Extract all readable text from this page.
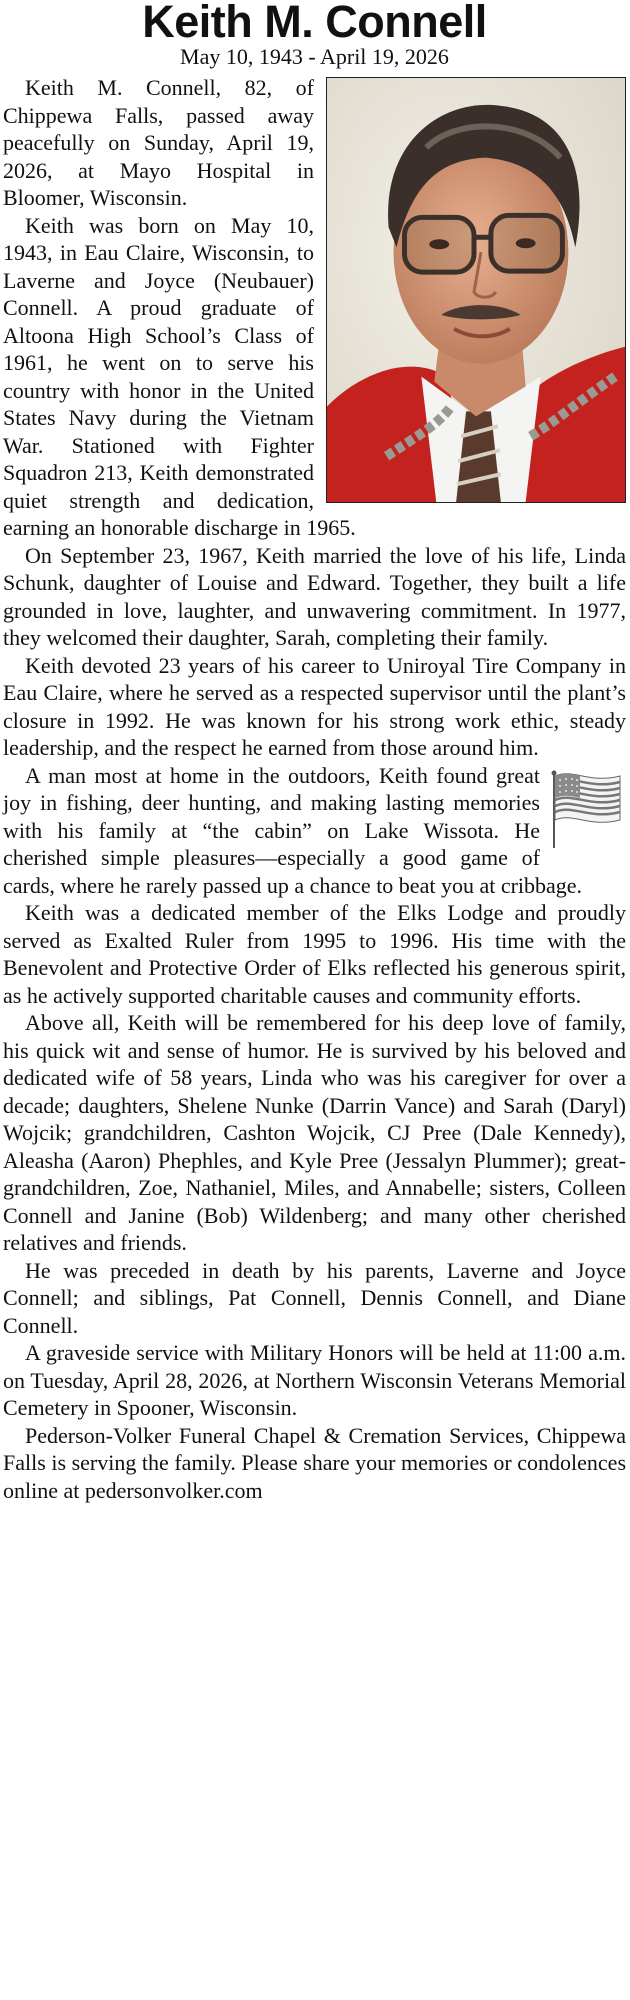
Keith M. Connell
May 10, 1943 - April 19, 2026

Keith M. Connell, 82, of Chippewa Falls, passed away peacefully on Sunday, April 19, 2026, at Mayo Hospital in Bloomer, Wisconsin.

Keith was born on May 10, 1943, in Eau Claire, Wisconsin, to Laverne and Joyce (Neubauer) Connell. A proud graduate of Altoona High School’s Class of 1961, he went on to serve his country with honor in the United States Navy during the Vietnam War. Stationed with Fighter Squadron 213, Keith demonstrated quiet strength and dedication, earning an honorable discharge in 1965.

On September 23, 1967, Keith married the love of his life, Linda Schunk, daughter of Louise and Edward. Together, they built a life grounded in love, laughter, and unwavering commitment. In 1977, they welcomed their daughter, Sarah, completing their family.

Keith devoted 23 years of his career to Uniroyal Tire Company in Eau Claire, where he served as a respected supervisor until the plant’s closure in 1992. He was known for his strong work ethic, steady leadership, and the respect he earned from those around him.

A man most at home in the outdoors, Keith found great joy in fishing, deer hunting, and making lasting memories with his family at “the cabin” on Lake Wissota. He cherished simple pleasures—especially a good game of cards, where he rarely passed up a chance to beat you at cribbage.

Keith was a dedicated member of the Elks Lodge and proudly served as Exalted Ruler from 1995 to 1996. His time with the Benevolent and Protective Order of Elks reflected his generous spirit, as he actively supported charitable causes and community efforts.

Above all, Keith will be remembered for his deep love of family, his quick wit and sense of humor. He is survived by his beloved and dedicated wife of 58 years, Linda who was his caregiver for over a decade; daughters, Shelene Nunke (Darrin Vance) and Sarah (Daryl) Wojcik; grandchildren, Cashton Wojcik, CJ Pree (Dale Kennedy), Aleasha (Aaron) Phephles, and Kyle Pree (Jessalyn Plummer); great-grandchildren, Zoe, Nathaniel, Miles, and Annabelle; sisters, Colleen Connell and Janine (Bob) Wildenberg; and many other cherished relatives and friends.

He was preceded in death by his parents, Laverne and Joyce Connell; and siblings, Pat Connell, Dennis Connell, and Diane Connell.

A graveside service with Military Honors will be held at 11:00 a.m. on Tuesday, April 28, 2026, at Northern Wisconsin Veterans Memorial Cemetery in Spooner, Wisconsin.

Pederson-Volker Funeral Chapel & Cremation Services, Chippewa Falls is serving the family. Please share your memories or condolences online at pedersonvolker.com
